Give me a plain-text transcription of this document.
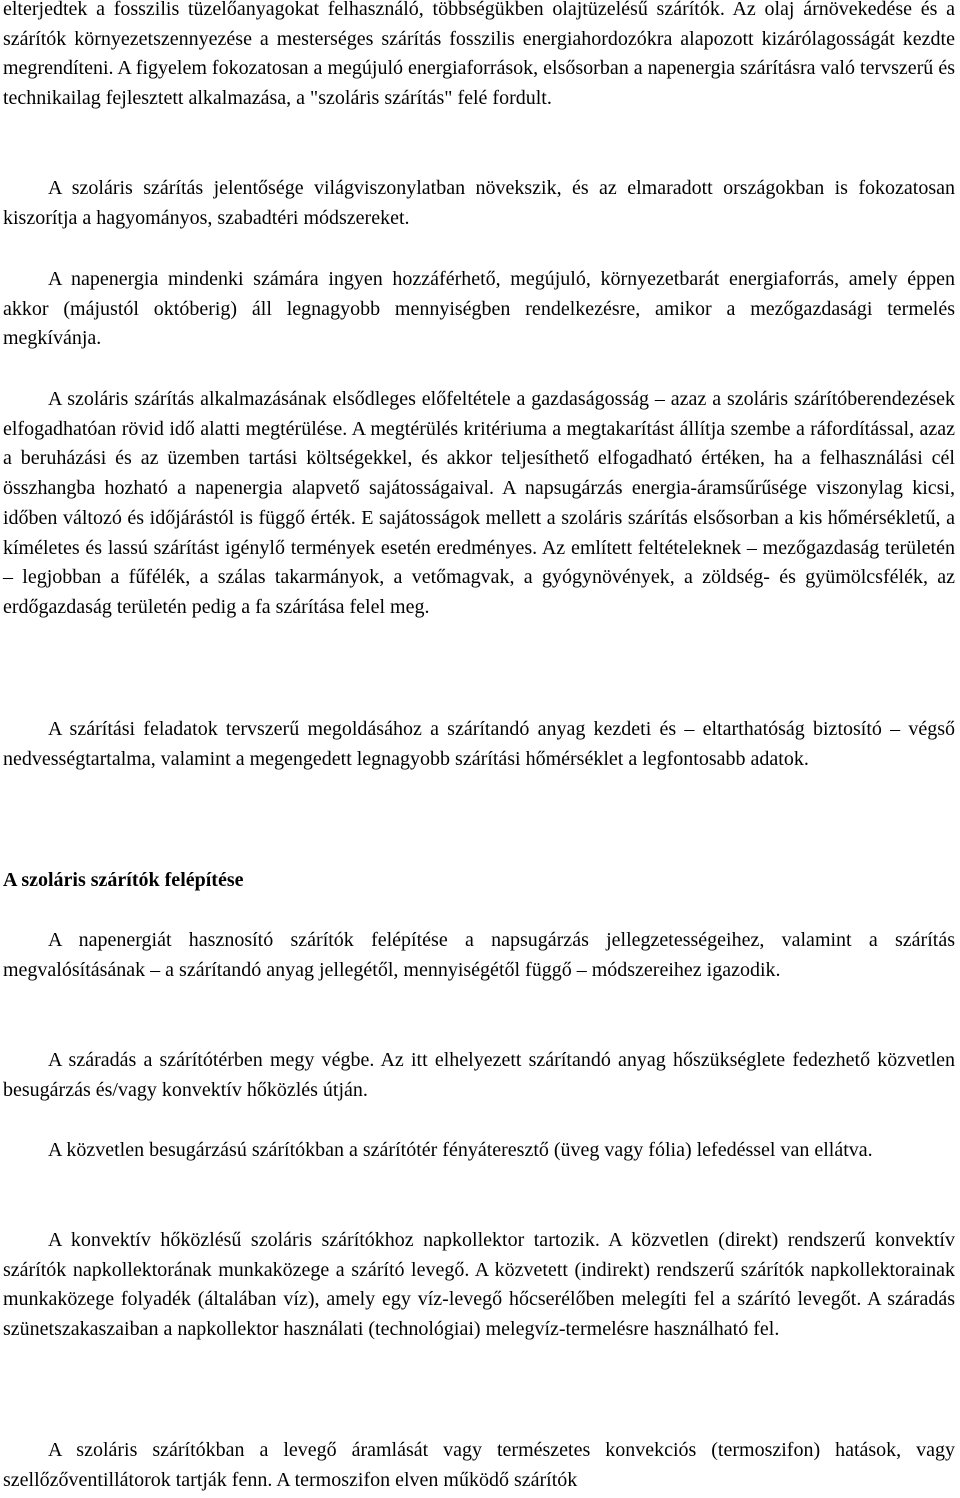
elterjedtek a fosszilis tüzelőanyagokat felhasználó, többségükben olajtüzelésű szárítók. Az olaj árnövekedése és a szárítók környezetszennyezése a mesterséges szárítás fosszilis energiahordozókra alapozott kizárólagosságát kezdte megrendíteni. A figyelem fokozatosan a megújuló energiaforrások, elsősorban a napenergia szárításra való tervszerű és technikailag fejlesztett alkalmazása, a "szoláris szárítás" felé fordult.

A szoláris szárítás jelentősége világviszonylatban növekszik, és az elmaradott országokban is fokozatosan kiszorítja a hagyományos, szabadtéri módszereket.

A napenergia mindenki számára ingyen hozzáférhető, megújuló, környezetbarát energiaforrás, amely éppen akkor (májustól októberig) áll legnagyobb mennyiségben rendelkezésre, amikor a mezőgazdasági termelés megkívánja.

A szoláris szárítás alkalmazásának elsődleges előfeltétele a gazdaságosság – azaz a szoláris szárítóberendezések elfogadhatóan rövid idő alatti megtérülése. A megtérülés kritériuma a megtakarítást állítja szembe a ráfordítással, azaz a beruházási és az üzemben tartási költségekkel, és akkor teljesíthető elfogadható értéken, ha a felhasználási cél összhangba hozható a napenergia alapvető sajátosságaival. A napsugárzás energia-áramsűrűsége viszonylag kicsi, időben változó és időjárástól is függő érték. E sajátosságok mellett a szoláris szárítás elsősorban a kis hőmérsékletű, a kíméletes és lassú szárítást igénylő termények esetén eredményes. Az említett feltételeknek – mezőgazdaság területén – legjobban a fűfélék, a szálas takarmányok, a vetőmagvak, a gyógynövények, a zöldség- és gyümölcsfélék, az erdőgazdaság területén pedig a fa szárítása felel meg.

A szárítási feladatok tervszerű megoldásához a szárítandó anyag kezdeti és – eltarthatóság biztosító – végső nedvességtartalma, valamint a megengedett legnagyobb szárítási hőmérséklet a legfontosabb adatok.

A szoláris szárítók felépítése

A napenergiát hasznosító szárítók felépítése a napsugárzás jellegzetességeihez, valamint a szárítás megvalósításának – a szárítandó anyag jellegétől, mennyiségétől függő – módszereihez igazodik.

A száradás a szárítótérben megy végbe. Az itt elhelyezett szárítandó anyag hőszükséglete fedezhető közvetlen besugárzás és/vagy konvektív hőközlés útján.

A közvetlen besugárzású szárítókban a szárítótér fényáteresztő (üveg vagy fólia) lefedéssel van ellátva.

A konvektív hőközlésű szoláris szárítókhoz napkollektor tartozik. A közvetlen (direkt) rendszerű konvektív szárítók napkollektorának munkaközege a szárító levegő. A közvetett (indirekt) rendszerű szárítók napkollektorainak munkaközege folyadék (általában víz), amely egy víz-levegő hőcserélőben melegíti fel a szárító levegőt. A száradás szünetszakaszaiban a napkollektor használati (technológiai) melegvíz-termelésre használható fel.

A szoláris szárítókban a levegő áramlását vagy természetes konvekciós (termoszifon) hatások, vagy szellőzőventillátorok tartják fenn. A termoszifon elven működő szárítók
